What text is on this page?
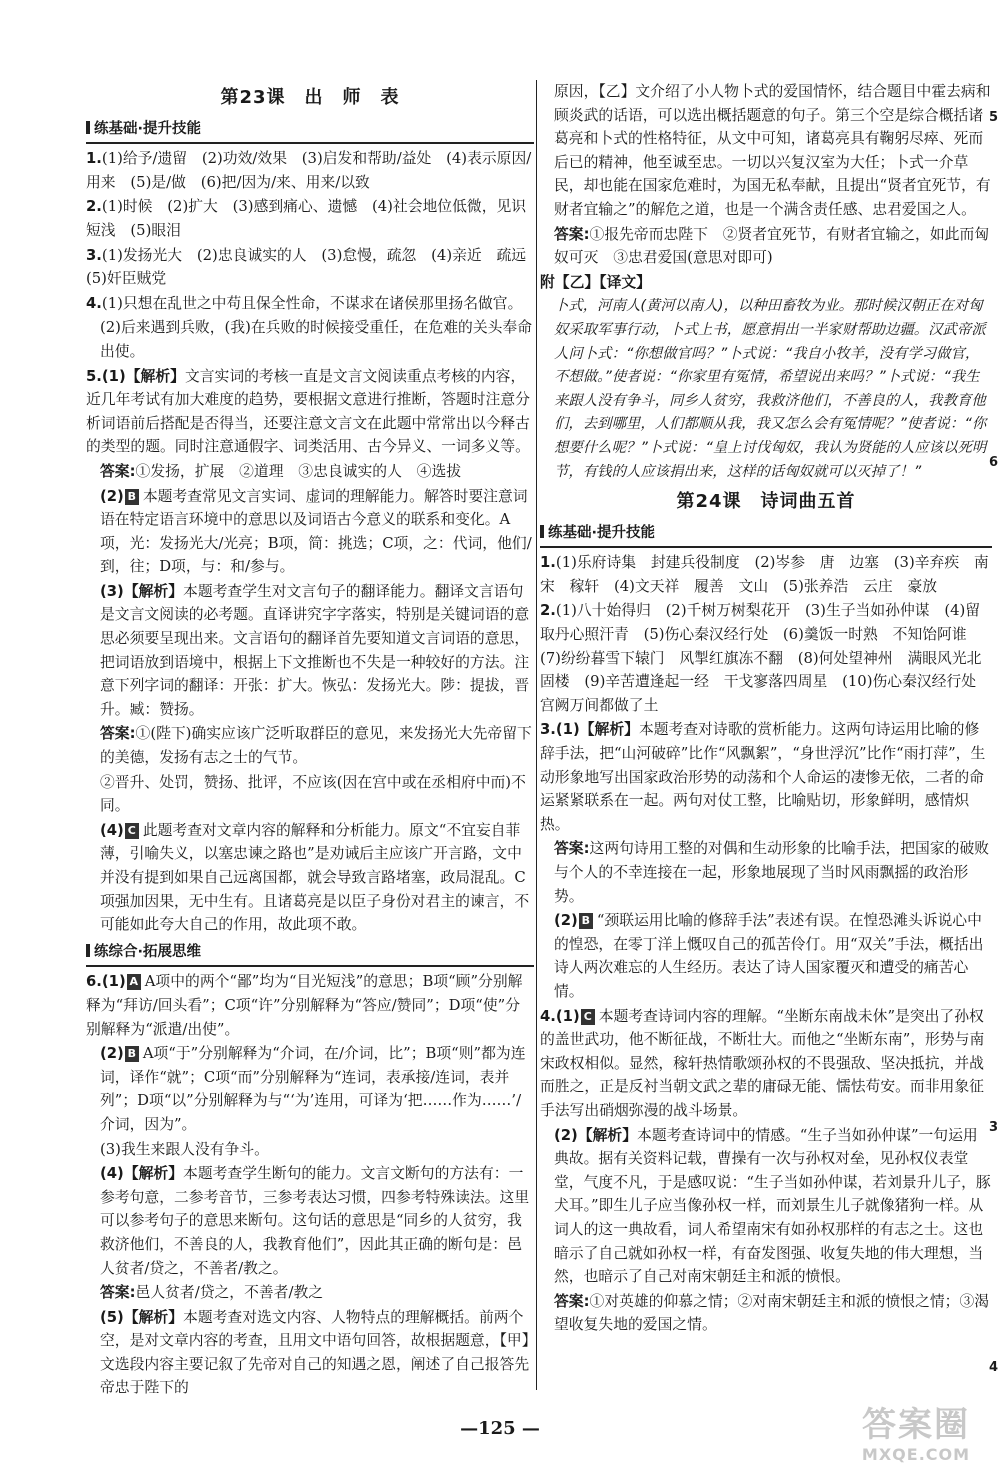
第23课　出　师　表
练基础·提升技能

1.(1)给予/遗留　(2)功效/效果　(3)启发和帮助/益处　(4)表示原因/用来　(5)是/做　(6)把/因为/来、用来/以致

2.(1)时候　(2)扩大　(3)感到痛心、遗憾　(4)社会地位低微，见识短浅　(5)眼泪

3.(1)发扬光大　(2)忠良诚实的人　(3)怠慢，疏忽　(4)亲近　疏远　(5)奸臣贼党

4.(1)只想在乱世之中苟且保全性命，不谋求在诸侯那里扬名做官。

(2)后来遇到兵败，(我)在兵败的时候接受重任，在危难的关头奉命出使。

5.(1)【解析】文言实词的考核一直是文言文阅读重点考核的内容，近几年考试有加大难度的趋势，要根据文意进行推断，答题时注意分析词语前后搭配是否得当，还要注意文言文在此题中常常出以今释古的类型的题。同时注意通假字、词类活用、古今异义、一词多义等。

答案:①发扬，扩展　②道理　③忠良诚实的人　④选拔

(2) B 本题考查常见文言实词、虚词的理解能力。解答时要注意词语在特定语言环境中的意思以及词语古今意义的联系和变化。A项，光：发扬光大/光亮；B项，简：挑选；C项，之：代词，他们/到，往；D项，与：和/参与。

(3)【解析】本题考查学生对文言句子的翻译能力。翻译文言语句是文言文阅读的必考题。直译讲究字字落实，特别是关键词语的意思必须要呈现出来。文言语句的翻译首先要知道文言词语的意思，把词语放到语境中，根据上下文推断也不失是一种较好的方法。注意下列字词的翻译：开张：扩大。恢弘：发扬光大。陟：提拔，晋升。臧：赞扬。

答案:①(陛下)确实应该广泛听取群臣的意见，来发扬光大先帝留下的美德，发扬有志之士的气节。

②晋升、处罚，赞扬、批评，不应该(因在宫中或在丞相府中而)不同。

(4) C 此题考查对文章内容的解释和分析能力。原文“不宜妄自菲薄，引喻失义，以塞忠谏之路也”是劝诫后主应该广开言路，文中并没有提到如果自己远离国都，就会导致言路堵塞，政局混乱。C项强加因果，无中生有。且诸葛亮是以臣子身份对君主的谏言，不可能如此夸大自己的作用，故此项不敢。

练综合·拓展思维

6.(1) A A项中的两个“鄙”均为“目光短浅”的意思；B项“顾”分别解释为“拜访/回头看”；C项“许”分别解释为“答应/赞同”；D项“使”分别解释为“派遣/出使”。

(2) B A项“于”分别解释为“介词，在/介词，比”；B项“则”都为连词，译作“就”；C项“而”分别解释为“连词，表承接/连词，表并列”；D项“以”分别解释为与“‘为’连用，可译为‘把……作为……’/介词，因为”。

(3)我生来跟人没有争斗。

(4)【解析】本题考查学生断句的能力。文言文断句的方法有：一参考句意，二参考音节，三参考表达习惯，四参考特殊读法。这里可以参考句子的意思来断句。这句话的意思是“同乡的人贫穷，我救济他们，不善良的人，我教育他们”，因此其正确的断句是：邑人贫者/贷之，不善者/教之。

答案:邑人贫者/贷之，不善者/教之

(5)【解析】本题考查对选文内容、人物特点的理解概括。前两个空，是对文章内容的考查，且用文中语句回答，故根据题意，【甲】文选段内容主要记叙了先帝对自己的知遇之恩，阐述了自己报答先帝忠于陛下的

原因，【乙】文介绍了小人物卜式的爱国情怀，结合题目中霍去病和顾炎武的话语，可以选出概括题意的句子。第三个空是综合概括诸葛亮和卜式的性格特征，从文中可知，诸葛亮具有鞠躬尽瘁、死而后已的精神，他至诚至忠。一切以兴复汉室为大任；卜式一介草民，却也能在国家危难时，为国无私奉献，且提出“贤者宜死节，有财者宜输之”的解危之道，也是一个满含责任感、忠君爱国之人。

答案:①报先帝而忠陛下　②贤者宜死节，有财者宜输之，如此而匈奴可灭　③忠君爱国(意思对即可)

附【乙】【译文】

卜式，河南人(黄河以南人)，以种田畜牧为业。那时候汉朝正在对匈奴采取军事行动，卜式上书，愿意捐出一半家财帮助边疆。汉武帝派人问卜式：“你想做官吗？”卜式说：“我自小牧羊，没有学习做官，不想做。”使者说：“你家里有冤情，希望说出来吗？”卜式说：“我生来跟人没有争斗，同乡人贫穷，我救济他们，不善良的人，我教育他们，去到哪里，人们都顺从我，我又怎么会有冤情呢？”使者说：“你想要什么呢？”卜式说：“皇上讨伐匈奴，我认为贤能的人应该以死明节，有钱的人应该捐出来，这样的话匈奴就可以灭掉了！”

第24课　诗词曲五首
练基础·提升技能

1.(1)乐府诗集　封建兵役制度　(2)岑参　唐　边塞　(3)辛弃疾　南宋　稼轩　(4)文天祥　履善　文山　(5)张养浩　云庄　豪放

2.(1)八十始得归　(2)千树万树梨花开　(3)生子当如孙仲谋　(4)留取丹心照汗青　(5)伤心秦汉经行处　(6)羹饭一时熟　不知饴阿谁　(7)纷纷暮雪下辕门　风掣红旗冻不翻　(8)何处望神州　满眼风光北固楼　(9)辛苦遭逢起一经　干戈寥落四周星　(10)伤心秦汉经行处　宫阙万间都做了土

3.(1)【解析】本题考查对诗歌的赏析能力。这两句诗运用比喻的修辞手法，把“山河破碎”比作“风飘絮”，“身世浮沉”比作“雨打萍”，生动形象地写出国家政治形势的动荡和个人命运的凄惨无依，二者的命运紧紧联系在一起。两句对仗工整，比喻贴切，形象鲜明，感情炽热。

答案:这两句诗用工整的对偶和生动形象的比喻手法，把国家的破败与个人的不幸连接在一起，形象地展现了当时风雨飘摇的政治形势。

(2) B “颈联运用比喻的修辞手法”表述有误。在惶恐滩头诉说心中的惶恐，在零丁洋上慨叹自己的孤苦伶仃。用“双关”手法，概括出诗人两次难忘的人生经历。表达了诗人国家覆灭和遭受的痛苦心情。

4.(1) C 本题考查诗词内容的理解。“坐断东南战未休”是突出了孙权的盖世武功，他不断征战，不断壮大。而他之“坐断东南”，形势与南宋政权相似。显然，稼轩热情歌颂孙权的不畏强敌、坚决抵抗，并战而胜之，正是反衬当朝文武之辈的庸碌无能、懦怯苟安。而非用象征手法写出硝烟弥漫的战斗场景。

(2)【解析】本题考查诗词中的情感。“生子当如孙仲谋”一句运用典故。据有关资料记载，曹操有一次与孙权对垒，见孙权仪表堂堂，气度不凡，于是感叹说：“生子当如孙仲谋，若刘景升儿子，豚犬耳。”即生儿子应当像孙权一样，而刘景生儿子就像猪狗一样。从词人的这一典故看，词人希望南宋有如孙权那样的有志之士。这也暗示了自己就如孙权一样，有奋发图强、收复失地的伟大理想，当然，也暗示了自己对南宋朝廷主和派的愤恨。

答案:①对英雄的仰慕之情；②对南宋朝廷主和派的愤恨之情；③渴望收复失地的爱国之情。

—125 —	答案圈
MXQE.COM
5
6
3
4
